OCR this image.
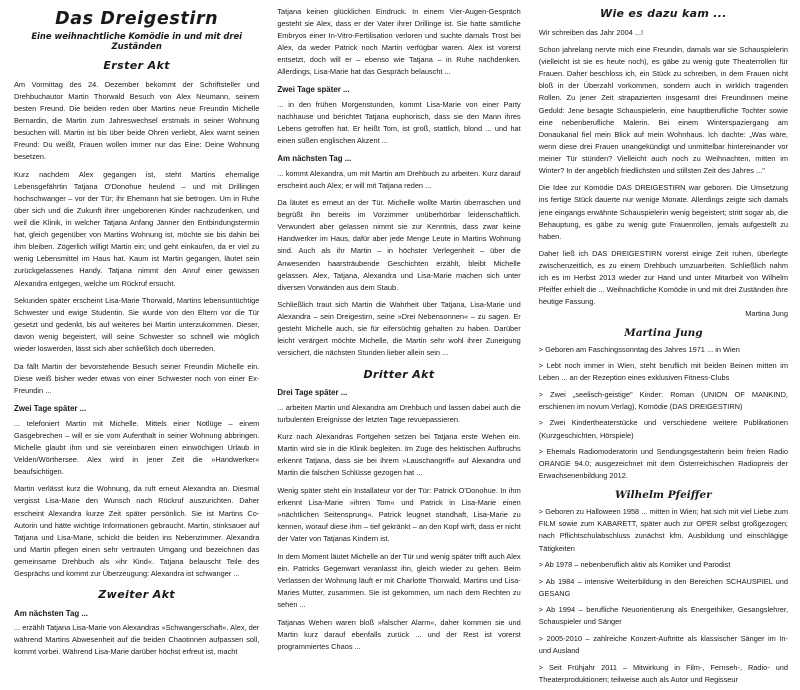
Das Dreigestirn
Eine weihnachtliche Komödie in und mit drei Zuständen
Erster Akt

Am Vormittag des 24. Dezember bekommt der Schriftsteller und Drehbuchautor Martin Thorwald Besuch von Alex Neumann, seinem besten Freund. Die beiden reden über Martins neue Freundin Michelle Bernardin, die Martin zum Jahreswechsel erstmals in seiner Wohnung besuchen will. Martin ist bis über beide Ohren verliebt, Alex warnt seinen Freund: Du weißt, Frauen wollen immer nur das Eine: Deine Wohnung besetzen.

Kurz nachdem Alex gegangen ist, steht Martins ehemalige Lebensgefährtin Tatjana O'Donohue heulend – und mit Drillingen hochschwanger – vor der Tür; ihr Ehemann hat sie betrogen. Um in Ruhe über sich und die Zukunft ihrer ungeborenen Kinder nachzudenken, und weil die Klinik, in welcher Tatjana Anfang Jänner den Entbindungstermin hat, gleich gegenüber von Martins Wohnung ist, möchte sie bis dahin bei ihm bleiben. Zögerlich willigt Martin ein; und geht einkaufen, da er viel zu wenig Lebensmittel im Haus hat. Kaum ist Martin gegangen, läutet sein zurückgelassenes Handy. Tatjana nimmt den Anruf einer gewissen Alexandra entgegen, welche um Rückruf ersucht.

Sekunden später erscheint Lisa-Marie Thorwald, Martins lebensuntüchtige Schwester und ewige Studentin. Sie wurde von den Eltern vor die Tür gesetzt und gedenkt, bis auf weiteres bei Martin unterzukommen. Dieser, davon wenig begeistert, will seine Schwester so schnell wie möglich wieder loswerden, lässt sich aber schließlich doch überreden.

Da fällt Martin der bevorstehende Besuch seiner Freundin Michelle ein. Diese weiß bisher weder etwas von einer Schwester noch von einer Ex-Freundin ...

Zwei Tage später ...

... telefoniert Martin mit Michelle. Mittels einer Notlüge – einem Gasgebrechen – will er sie vom Aufenthalt in seiner Wohnung abbringen. Michelle glaubt ihm und sie vereinbaren einen einwöchigen Urlaub in Velden/Wörthersee. Alex wird in jener Zeit die »Handwerker« beaufsichtigen.

Martin verlässt kurz die Wohnung, da ruft erneut Alexandra an. Diesmal vergisst Lisa-Marie den Wunsch nach Rückruf auszurichten. Daher erscheint Alexandra kurze Zeit später persönlich. Sie ist Martins Co-Autorin und hätte wichtige Informationen gebraucht. Martin, stinksauer auf Tatjana und Lisa-Marie, schickt die beiden ins Nebenzimmer. Alexandra und Martin pflegen einen sehr vertrauten Umgang und bezeichnen das gemeinsame Drehbuch als »ihr Kind«. Tatjana belauscht Teile des Gesprächs und kommt zur Überzeugung: Alexandra ist schwanger ...

Zweiter Akt
Am nächsten Tag ...

... erzählt Tatjana Lisa-Marie von Alexandras »Schwangerschaft«. Alex, der während Martins Abwesenheit auf die beiden Chaotinnen aufpassen soll, kommt vorbei. Während Lisa-Marie darüber höchst erfreut ist, macht

Tatjana keinen glücklichen Eindruck. In einem Vier-Augen-Gespräch gesteht sie Alex, dass er der Vater ihrer Drillinge ist. Sie hatte sämtliche Embryos einer In-Vitro-Fertilisation verloren und suchte damals Trost bei Alex, da weder Patrick noch Martin verfügbar waren. Alex ist vorerst entsetzt, doch will er – ebenso wie Tatjana – in Ruhe nachdenken. Allerdings, Lisa-Marie hat das Gespräch belauscht ...

Zwei Tage später ...

... in den frühen Morgenstunden, kommt Lisa-Marie von einer Party nachhause und berichtet Tatjana euphorisch, dass sie den Mann ihres Lebens getroffen hat. Er heißt Tom, ist groß, stattlich, blond ... und hat einen süßen englischen Akzent ...

Am nächsten Tag ...

... kommt Alexandra, um mit Martin am Drehbuch zu arbeiten. Kurz darauf erscheint auch Alex; er will mit Tatjana reden ...

Da läutet es erneut an der Tür. Michelle wollte Martin überraschen und begrüßt ihn bereits im Vorzimmer unüberhörbar leidenschaftlich. Verwundert aber gelassen nimmt sie zur Kenntnis, dass zwar keine Handwerker im Haus, dafür aber jede Menge Leute in Martins Wohnung sind. Auch als ihr Martin – in höchster Verlegenheit – über die Anwesenden haarsträubende Geschichten erzählt, bleibt Michelle gelassen. Alex, Tatjana, Alexandra und Lisa-Marie machen sich unter diversen Vorwänden aus dem Staub.

Schließlich traut sich Martin die Wahrheit über Tatjana, Lisa-Marie und Alexandra – sein Dreigestirn, seine »Drei Nebensonnen« – zu sagen. Er gesteht Michelle auch, sie für eifersüchtig gehalten zu haben. Darüber leicht verärgert möchte Michelle, die Martin sehr wohl ihrer Zuneigung versichert, die nächsten Stunden lieber allein sein ...

Dritter Akt
Drei Tage später ...

... arbeiten Martin und Alexandra am Drehbuch und lassen dabei auch die turbulenten Ereignisse der letzten Tage revuepassieren.

Kurz nach Alexandras Fortgehen setzen bei Tatjana erste Wehen ein. Martin wird sie in die Klinik begleiten. Im Zuge des hektischen Aufbruchs erkennt Tatjana, dass sie bei ihrem »Lauschangriff« auf Alexandra und Martin die falschen Schlüsse gezogen hat ...

Wenig später steht ein Installateur vor der Tür: Patrick O'Donohue. In ihm erkennt Lisa-Marie »ihren Tom« und Patrick in Lisa-Marie einen »nächtlichen Seitensprung«. Patrick leugnet standhaft, Lisa-Marie zu kennen, worauf diese ihm – tief gekränkt – an den Kopf wirft, dass er nicht der Vater von Tatjanas Kindern ist.

In dem Moment läutet Michelle an der Tür und wenig später trifft auch Alex ein. Patricks Gegenwart veranlasst ihn, gleich wieder zu gehen. Beim Verlassen der Wohnung läuft er mit Charlotte Thorwald, Martins und Lisa-Maries Mutter, zusammen. Sie ist gekommen, um nach dem Rechten zu sehen ...

Tatjanas Wehen waren bloß »falscher Alarm«, daher kommen sie und Martin kurz darauf ebenfalls zurück ... und der Rest ist vorerst programmiertes Chaos ...

Wie es dazu kam ...

Wir schreiben das Jahr 2004 ...!

Schon jahrelang nervte mich eine Freundin, damals war sie Schauspielerin (vielleicht ist sie es heute noch), es gäbe zu wenig gute Theaterrollen für Frauen. Daher beschloss ich, ein Stück zu schreiben, in dem Frauen nicht bloß in der Überzahl vorkommen, sondern auch in wirklich tragenden Rollen. Zu jener Zeit strapazierten insgesamt drei Freundinnen meine Geduld: Jene besagte Schauspielerin, eine hauptberufliche Tochter sowie eine nebenberufliche Malerin. Bei einem Winterspaziergang am Donaukanal fiel mein Blick auf mein Wohnhaus. Ich dachte: „Was wäre, wenn diese drei Frauen unangekündigt und unmittelbar hintereinander vor meiner Tür stünden? Vielleicht auch noch zu Weihnachten, mitten im Winter? In der angeblich friedlichsten und stillsten Zeit des Jahres ..."

Die Idee zur Komödie DAS DREIGESTIRN war geboren. Die Umsetzung ins fertige Stück dauerte nur wenige Monate. Allerdings zeigte sich damals jene eingangs erwähnte Schauspielerin wenig begeistert; stritt sogar ab, die Behauptung, es gäbe zu wenig gute Frauenrollen, jemals aufgestellt zu haben.

Daher ließ ich DAS DREIGESTIRN vorerst einige Zeit ruhen, überlegte zwischenzeitlich, es zu einem Drehbuch umzuarbeiten. Schließlich nahm ich es im Herbst 2013 wieder zur Hand und unter Mitarbeit von Wilhelm Pfeiffer erhielt die ... Weihnachtliche Komödie in und mit drei Zuständen ihre heutige Fassung.

Martina Jung
Martina Jung

> Geboren am Faschingssonntag des Jahres 1971 ... in Wien

> Lebt noch immer in Wien, steht beruflich mit beiden Beinen mitten im Leben ... an der Rezeption eines exklusiven Fitness-Clubs

> Zwei „seelisch-geistige" Kinder: Roman (UNION OF MANKIND, erschienen im novum Verlag), Komödie (DAS DREIGESTIRN)

> Zwei Kindertheaterstücke und verschiedene weitere Publikationen (Kurzgeschichten, Hörspiele)

> Ehemals Radiomoderatorin und Sendungsgestalterin beim freien Radio ORANGE 94.0; ausgezeichnet mit dem Österreichischen Radiopreis der Erwachsenenbildung 2012.

Wilhelm Pfeiffer

> Geboren zu Halloween 1958 ... mitten in Wien; hat sich mit viel Liebe zum FILM sowie zum KABARETT, später auch zur OPER selbst großgezogen; nach Pflichtschulabschluss zunächst kfm. Ausbildung und einschlägige Tätigkeiten

> Ab 1978 – nebenberuflich aktiv als Komiker und Parodist

> Ab 1984 – intensive Weiterbildung in den Bereichen SCHAUSPIEL und GESANG

> Ab 1994 – berufliche Neuorientierung als Energethiker, Gesangslehrer, Schauspieler und Sänger

> 2005-2010 – zahlreiche Konzert-Auftritte als klassischer Sänger im In- und Ausland

> Seit Frühjahr 2011 – Mitwirkung in Film-, Fernseh-, Radio- und Theaterproduktionen; teilweise auch als Autor und Regisseur
